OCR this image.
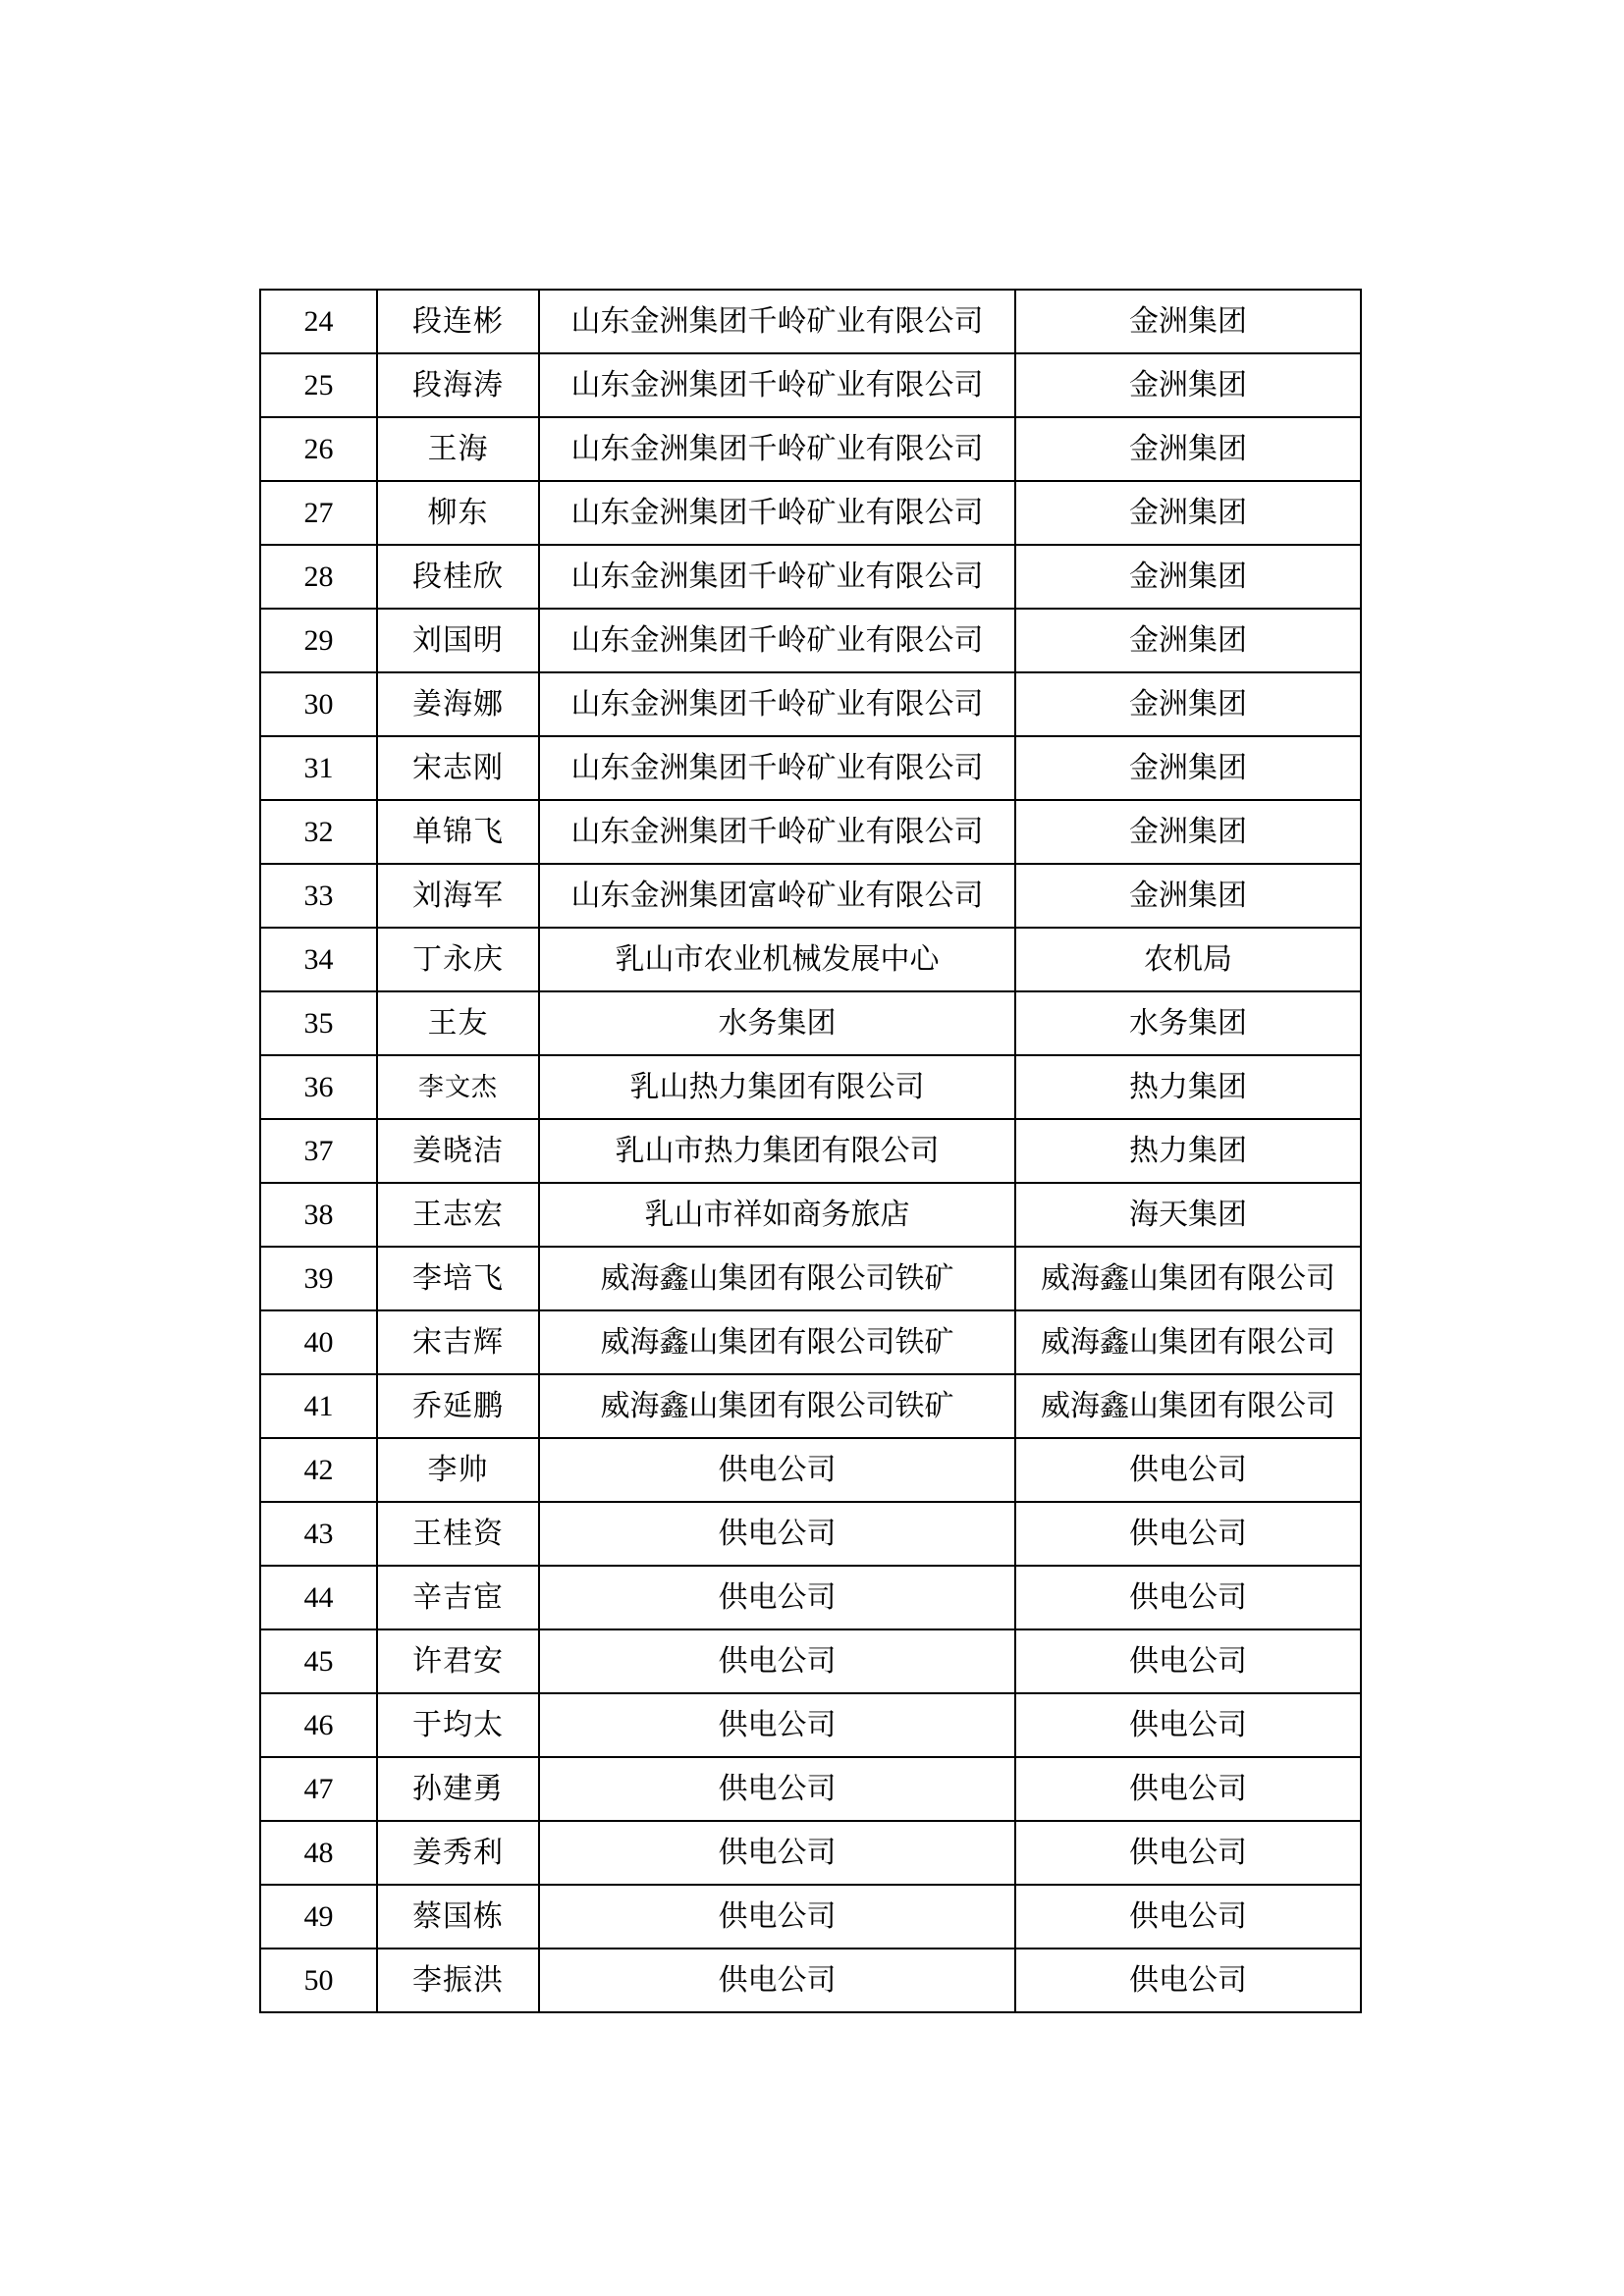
24	段连彬	山东金洲集团千岭矿业有限公司	金洲集团
25	段海涛	山东金洲集团千岭矿业有限公司	金洲集团
26	王海	山东金洲集团千岭矿业有限公司	金洲集团
27	柳东	山东金洲集团千岭矿业有限公司	金洲集团
28	段桂欣	山东金洲集团千岭矿业有限公司	金洲集团
29	刘国明	山东金洲集团千岭矿业有限公司	金洲集团
30	姜海娜	山东金洲集团千岭矿业有限公司	金洲集团
31	宋志刚	山东金洲集团千岭矿业有限公司	金洲集团
32	单锦飞	山东金洲集团千岭矿业有限公司	金洲集团
33	刘海军	山东金洲集团富岭矿业有限公司	金洲集团
34	丁永庆	乳山市农业机械发展中心	农机局
35	王友	水务集团	水务集团
36	李文杰	乳山热力集团有限公司	热力集团
37	姜晓洁	乳山市热力集团有限公司	热力集团
38	王志宏	乳山市祥如商务旅店	海天集团
39	李培飞	威海鑫山集团有限公司铁矿	威海鑫山集团有限公司
40	宋吉辉	威海鑫山集团有限公司铁矿	威海鑫山集团有限公司
41	乔延鹏	威海鑫山集团有限公司铁矿	威海鑫山集团有限公司
42	李帅	供电公司	供电公司
43	王桂资	供电公司	供电公司
44	辛吉宦	供电公司	供电公司
45	许君安	供电公司	供电公司
46	于均太	供电公司	供电公司
47	孙建勇	供电公司	供电公司
48	姜秀利	供电公司	供电公司
49	蔡国栋	供电公司	供电公司
50	李振洪	供电公司	供电公司
